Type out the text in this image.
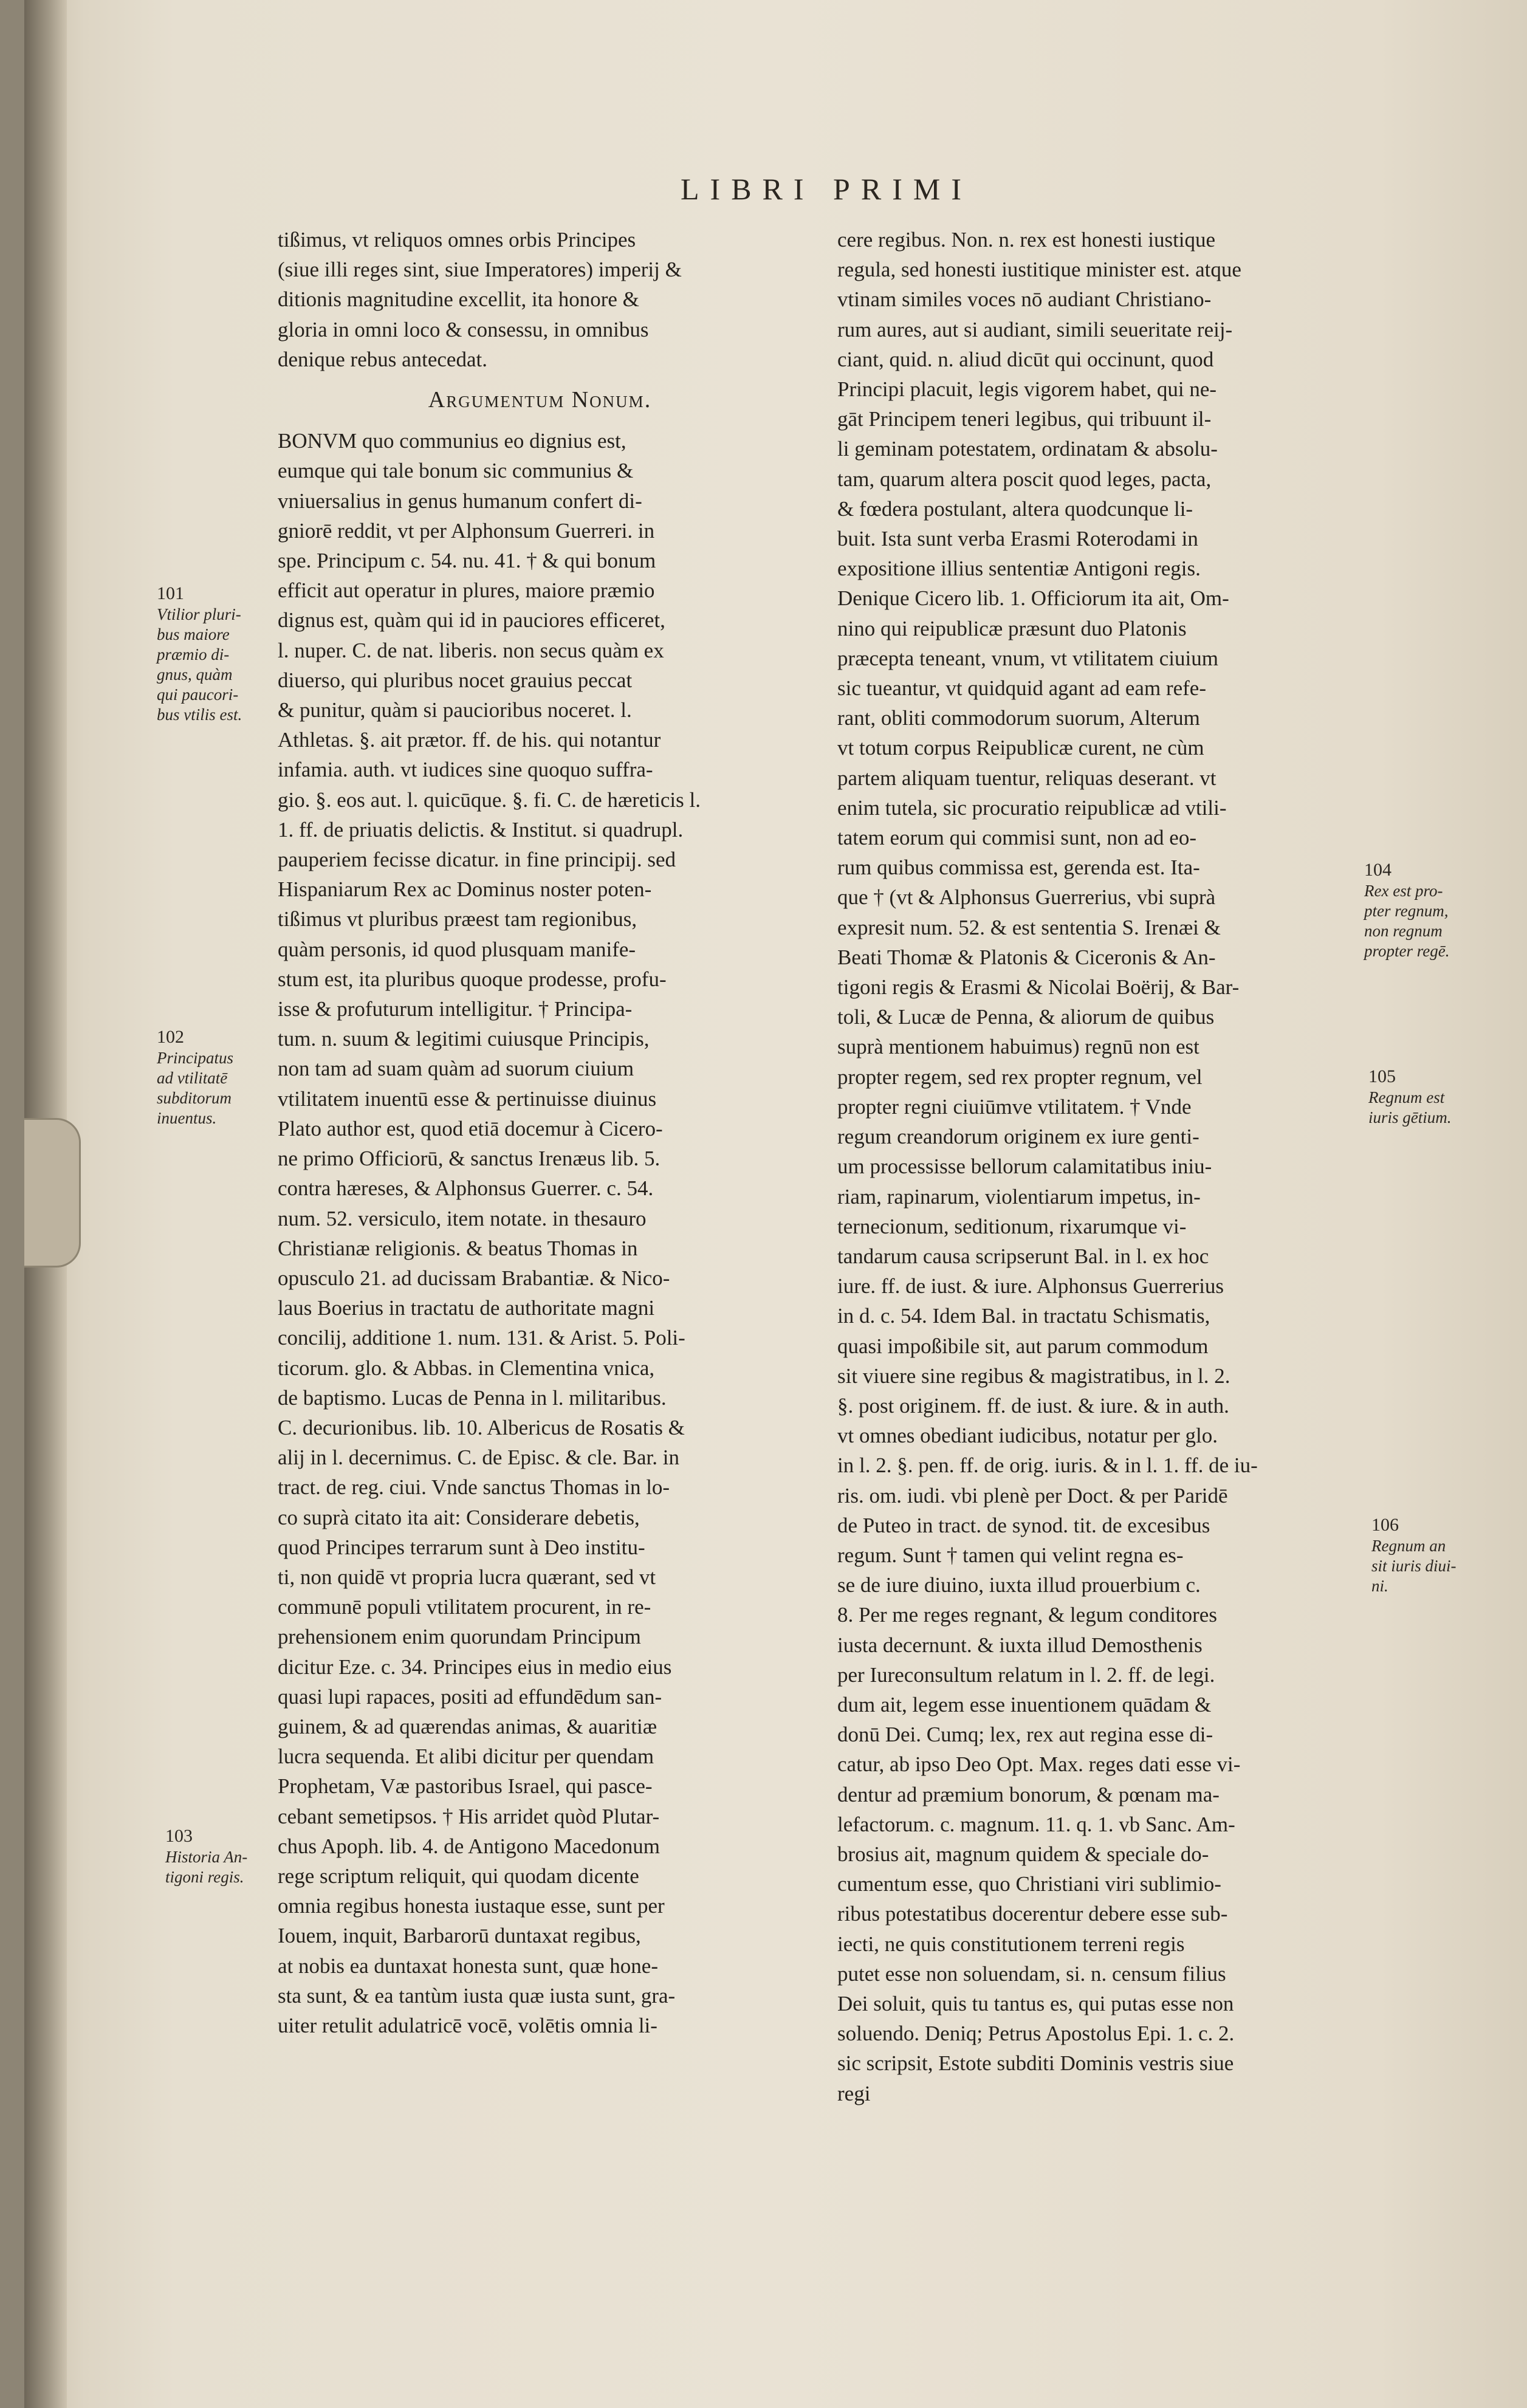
LIBRI PRIMI
tißimus, vt reliquos omnes orbis Principes
(siue illi reges sint, siue Imperatores) imperij &
ditionis magnitudine excellit, ita honore &
gloria in omni loco & consessu, in omnibus
denique rebus antecedat.
Argumentum Nonum.
BONVM quo communius eo dignius est,
eumque qui tale bonum sic communius &
vniuersalius in genus humanum confert di-
gniorē reddit, vt per Alphonsum Guerreri. in
spe. Principum c. 54. nu. 41. † & qui bonum
efficit aut operatur in plures, maiore præmio
dignus est, quàm qui id in pauciores efficeret,
l. nuper. C. de nat. liberis. non secus quàm ex
diuerso, qui pluribus nocet grauius peccat
& punitur, quàm si paucioribus noceret. l.
Athletas. §. ait prætor. ff. de his. qui notantur
infamia. auth. vt iudices sine quoquo suffra-
gio. §. eos aut. l. quicūque. §. fi. C. de hæreticis l.
1. ff. de priuatis delictis. & Institut. si quadrupl.
pauperiem fecisse dicatur. in fine principij. sed
Hispaniarum Rex ac Dominus noster poten-
tißimus vt pluribus præest tam regionibus,
quàm personis, id quod plusquam manife-
stum est, ita pluribus quoque prodesse, profu-
isse & profuturum intelligitur. † Principa-
tum. n. suum & legitimi cuiusque Principis,
non tam ad suam quàm ad suorum ciuium
vtilitatem inuentū esse & pertinuisse diuinus
Plato author est, quod etiā docemur à Cicero-
ne primo Officiorū, & sanctus Irenæus lib. 5.
contra hæreses, & Alphonsus Guerrer. c. 54.
num. 52. versiculo, item notate. in thesauro
Christianæ religionis. & beatus Thomas in
opusculo 21. ad ducissam Brabantiæ. & Nico-
laus Boerius in tractatu de authoritate magni
concilij, additione 1. num. 131. & Arist. 5. Poli-
ticorum. glo. & Abbas. in Clementina vnica,
de baptismo. Lucas de Penna in l. militaribus.
C. decurionibus. lib. 10. Albericus de Rosatis &
alij in l. decernimus. C. de Episc. & cle. Bar. in
tract. de reg. ciui. Vnde sanctus Thomas in lo-
co suprà citato ita ait: Considerare debetis,
quod Principes terrarum sunt à Deo institu-
ti, non quidē vt propria lucra quærant, sed vt
communē populi vtilitatem procurent, in re-
prehensionem enim quorundam Principum
dicitur Eze. c. 34. Principes eius in medio eius
quasi lupi rapaces, positi ad effundēdum san-
guinem, & ad quærendas animas, & auaritiæ
lucra sequenda. Et alibi dicitur per quendam
Prophetam, Væ pastoribus Israel, qui pasce-
cebant semetipsos. † His arridet quòd Plutar-
chus Apoph. lib. 4. de Antigono Macedonum
rege scriptum reliquit, qui quodam dicente
omnia regibus honesta iustaque esse, sunt per
Iouem, inquit, Barbarorū duntaxat regibus,
at nobis ea duntaxat honesta sunt, quæ hone-
sta sunt, & ea tantùm iusta quæ iusta sunt, gra-
uiter retulit adulatricē vocē, volētis omnia li-
cere regibus. Non. n. rex est honesti iustique
regula, sed honesti iustitique minister est. atque
vtinam similes voces nō audiant Christiano-
rum aures, aut si audiant, simili seueritate reij-
ciant, quid. n. aliud dicūt qui occinunt, quod
Principi placuit, legis vigorem habet, qui ne-
gāt Principem teneri legibus, qui tribuunt il-
li geminam potestatem, ordinatam & absolu-
tam, quarum altera poscit quod leges, pacta,
& fœdera postulant, altera quodcunque li-
buit. Ista sunt verba Erasmi Roterodami in
expositione illius sententiæ Antigoni regis.
Denique Cicero lib. 1. Officiorum ita ait, Om-
nino qui reipublicæ præsunt duo Platonis
præcepta teneant, vnum, vt vtilitatem ciuium
sic tueantur, vt quidquid agant ad eam refe-
rant, obliti commodorum suorum, Alterum
vt totum corpus Reipublicæ curent, ne cùm
partem aliquam tuentur, reliquas deserant. vt
enim tutela, sic procuratio reipublicæ ad vtili-
tatem eorum qui commisi sunt, non ad eo-
rum quibus commissa est, gerenda est. Ita-
que † (vt & Alphonsus Guerrerius, vbi suprà
expresit num. 52. & est sententia S. Irenæi &
Beati Thomæ & Platonis & Ciceronis & An-
tigoni regis & Erasmi & Nicolai Boërij, & Bar-
toli, & Lucæ de Penna, & aliorum de quibus
suprà mentionem habuimus) regnū non est
propter regem, sed rex propter regnum, vel
propter regni ciuiūmve vtilitatem. † Vnde
regum creandorum originem ex iure genti-
um processisse bellorum calamitatibus iniu-
riam, rapinarum, violentiarum impetus, in-
ternecionum, seditionum, rixarumque vi-
tandarum causa scripserunt Bal. in l. ex hoc
iure. ff. de iust. & iure. Alphonsus Guerrerius
in d. c. 54. Idem Bal. in tractatu Schismatis,
quasi impoßibile sit, aut parum commodum
sit viuere sine regibus & magistratibus, in l. 2.
§. post originem. ff. de iust. & iure. & in auth.
vt omnes obediant iudicibus, notatur per glo.
in l. 2. §. pen. ff. de orig. iuris. & in l. 1. ff. de iu-
ris. om. iudi. vbi plenè per Doct. & per Paridē
de Puteo in tract. de synod. tit. de excesibus
regum. Sunt † tamen qui velint regna es-
se de iure diuino, iuxta illud prouerbium c.
8. Per me reges regnant, & legum conditores
iusta decernunt. & iuxta illud Demosthenis
per Iureconsultum relatum in l. 2. ff. de legi.
dum ait, legem esse inuentionem quādam &
donū Dei. Cumq; lex, rex aut regina esse di-
catur, ab ipso Deo Opt. Max. reges dati esse vi-
dentur ad præmium bonorum, & pœnam ma-
lefactorum. c. magnum. 11. q. 1. vb Sanc. Am-
brosius ait, magnum quidem & speciale do-
cumentum esse, quo Christiani viri sublimio-
ribus potestatibus docerentur debere esse sub-
iecti, ne quis constitutionem terreni regis
putet esse non soluendam, si. n. censum filius
Dei soluit, quis tu tantus es, qui putas esse non
soluendo. Deniq; Petrus Apostolus Epi. 1. c. 2.
sic scripsit, Estote subditi Dominis vestris siue
regi
101
Vtilior pluri-
bus maiore
præmio di-
gnus, quàm
qui paucori-
bus vtilis est.
102
Principatus
ad vtilitatē
subditorum
inuentus.
103
Historia An-
tigoni regis.
104
Rex est pro-
pter regnum,
non regnum
propter regē.
105
Regnum est
iuris gētium.
106
Regnum an
sit iuris diui-
ni.
